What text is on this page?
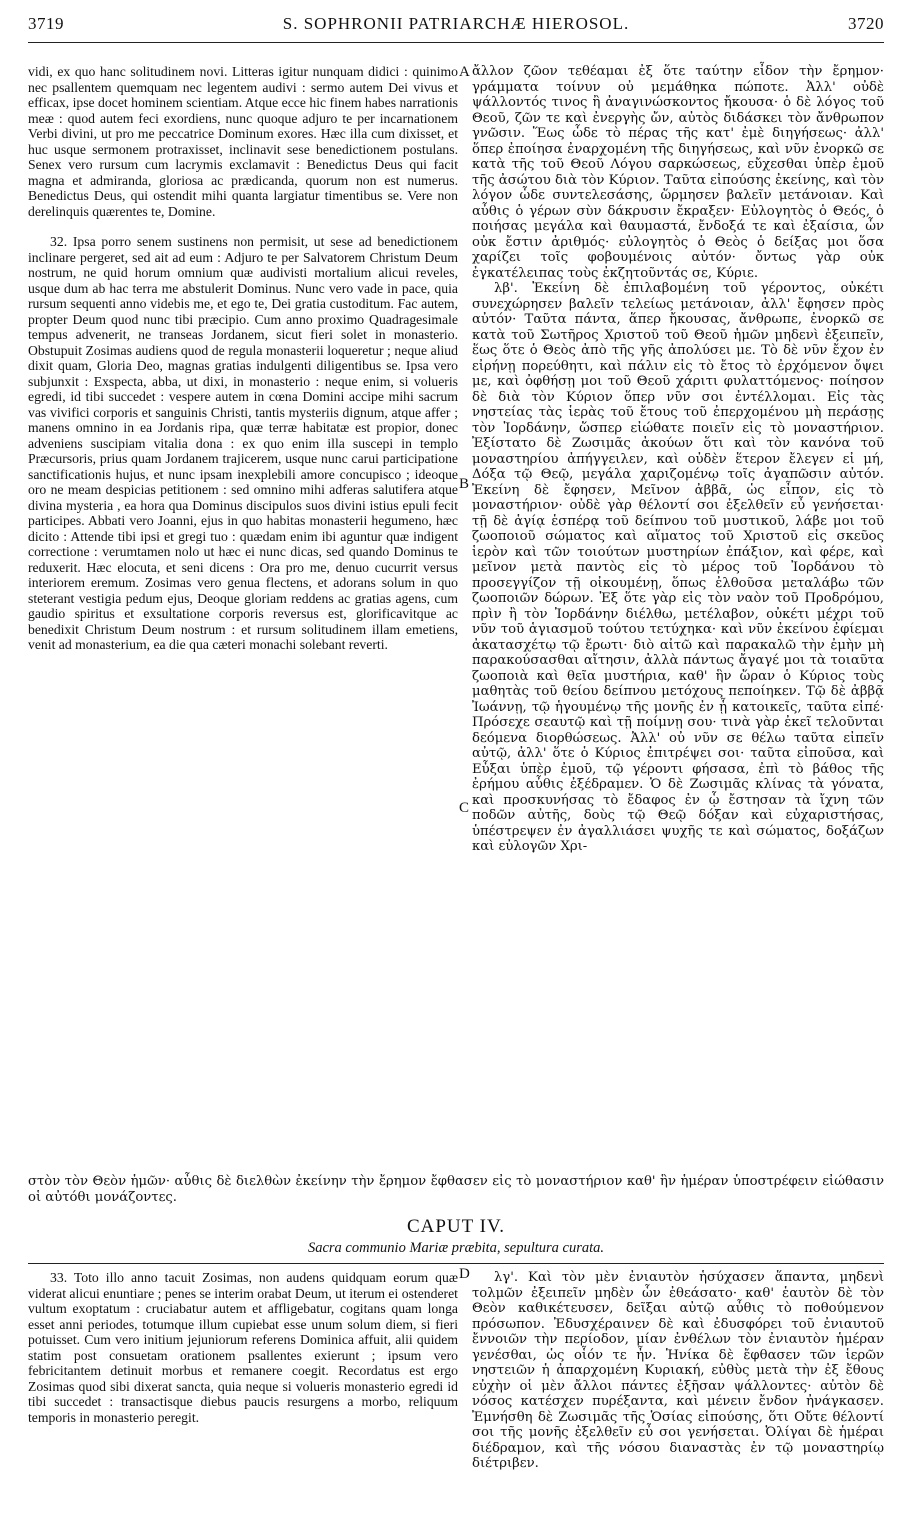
3719	S. SOPHRONII PATRIARCHÆ HIEROSOL.	3720

vidi, ex quo hanc solitudinem novi. Litteras igitur nunquam didici : quinimo nec psallentem quemquam nec legentem audivi : sermo autem Dei vivus et efficax, ipse docet hominem scientiam. Atque ecce hic finem habes narrationis meæ : quod autem feci exordiens, nunc quoque adjuro te per incarnationem Verbi divini, ut pro me peccatrice Dominum exores. Hæc illa cum dixisset, et huc usque sermonem protraxisset, inclinavit sese benedictionem postulans. Senex vero rursum cum lacrymis exclamavit : Benedictus Deus qui facit magna et admiranda, gloriosa ac prædicanda, quorum non est numerus. Benedictus Deus, qui ostendit mihi quanta largiatur timentibus se. Vere non derelinquis quærentes te, Domine.

32. Ipsa porro senem sustinens non permisit, ut sese ad benedictionem inclinare pergeret, sed ait ad eum : Adjuro te per Salvatorem Christum Deum nostrum, ne quid horum omnium quæ audivisti mortalium alicui reveles, usque dum ab hac terra me abstulerit Dominus. Nunc vero vade in pace, quia rursum sequenti anno videbis me, et ego te, Dei gratia custoditum. Fac autem, propter Deum quod nunc tibi præcipio. Cum anno proximo Quadragesimale tempus advenerit, ne transeas Jordanem, sicut fieri solet in monasterio. Obstupuit Zosimas audiens quod de regula monasterii loqueretur ; neque aliud dixit quam, Gloria Deo, magnas gratias indulgenti diligentibus se. Ipsa vero subjunxit : Exspecta, abba, ut dixi, in monasterio : neque enim, si volueris egredi, id tibi succedet : vespere autem in cœna Domini accipe mihi sacrum vas vivifici corporis et sanguinis Christi, tantis mysteriis dignum, atque affer ; manens omnino in ea Jordanis ripa, quæ terræ habitatæ est propior, donec adveniens suscipiam vitalia dona : ex quo enim illa suscepi in templo Præcursoris, prius quam Jordanem trajicerem, usque nunc carui participatione sanctificationis hujus, et nunc ipsam inexplebili amore concupisco ; ideoque oro ne meam despicias petitionem : sed omnino mihi adferas salutifera atque divina mysteria , ea hora qua Dominus discipulos suos divini istius epuli fecit participes. Abbati vero Joanni, ejus in quo habitas monasterii hegumeno, hæc dicito : Attende tibi ipsi et gregi tuo : quædam enim ibi aguntur quæ indigent correctione : verumtamen nolo ut hæc ei nunc dicas, sed quando Dominus te reduxerit. Hæc elocuta, et seni dicens : Ora pro me, denuo cucurrit versus interiorem eremum. Zosimas vero genua flectens, et adorans solum in quo steterant vestigia pedum ejus, Deoque gloriam reddens ac gratias agens, cum gaudio spiritus et exsultatione corporis reversus est, glorificavitque ac benedixit Christum Deum nostrum : et rursum solitudinem illam emetiens, venit ad monasterium, ea die qua cæteri monachi solebant reverti.

ἄλλον ζῶον τεθέαμαι ἐξ ὅτε ταύτην εἶδον τὴν ἔρημον· γράμματα τοίνυν οὐ μεμάθηκα πώποτε. Ἀλλ' οὐδὲ ψάλλοντός τινος ἢ ἀναγινώσκοντος ἤκουσα· ὁ δὲ λόγος τοῦ Θεοῦ, ζῶν τε καὶ ἐνεργὴς ὤν, αὐτὸς διδάσκει τὸν ἄνθρωπον γνῶσιν. Ἕως ὧδε τὸ πέρας τῆς κατ' ἐμὲ διηγήσεως· ἀλλ' ὅπερ ἐποίησα ἐναρχομένη τῆς διηγήσεως, καὶ νῦν ἐνορκῶ σε κατὰ τῆς τοῦ Θεοῦ Λόγου σαρκώσεως, εὔχεσθαι ὑπὲρ ἐμοῦ τῆς ἀσώτου διὰ τὸν Κύριον. Ταῦτα εἰπούσης ἐκείνης, καὶ τὸν λόγον ὧδε συντελεσάσης, ὥρμησεν βαλεῖν μετάνοιαν. Καὶ αὖθις ὁ γέρων σὺν δάκρυσιν ἔκραξεν· Εὐλογητὸς ὁ Θεός, ὁ ποιήσας μεγάλα καὶ θαυμαστά, ἔνδοξά τε καὶ ἐξαίσια, ὧν οὐκ ἔστιν ἀριθμός· εὐλογητὸς ὁ Θεὸς ὁ δείξας μοι ὅσα χαρίζει τοῖς φοβουμένοις αὐτόν· ὄντως γὰρ οὐκ ἐγκατέλειπας τοὺς ἐκζητοῦντάς σε, Κύριε.

λβ'. Ἐκείνη δὲ ἐπιλαβομένη τοῦ γέροντος, οὐκέτι συνεχώρησεν βαλεῖν τελείως μετάνοιαν, ἀλλ' ἔφησεν πρὸς αὐτόν· Ταῦτα πάντα, ἅπερ ἤκουσας, ἄνθρωπε, ἐνορκῶ σε κατὰ τοῦ Σωτῆρος Χριστοῦ τοῦ Θεοῦ ἡμῶν μηδενὶ ἐξειπεῖν, ἕως ὅτε ὁ Θεὸς ἀπὸ τῆς γῆς ἀπολύσει με. Τὸ δὲ νῦν ἔχον ἐν εἰρήνῃ πορεύθητι, καὶ πάλιν εἰς τὸ ἔτος τὸ ἐρχόμενον ὄψει με, καὶ ὀφθήσῃ μοι τοῦ Θεοῦ χάριτι φυλαττόμενος· ποίησον δὲ διὰ τὸν Κύριον ὅπερ νῦν σοι ἐντέλλομαι. Εἰς τὰς νηστείας τὰς ἱερὰς τοῦ ἔτους τοῦ ἐπερχομένου μὴ περάσῃς τὸν Ἰορδάνην, ὥσπερ εἰώθατε ποιεῖν εἰς τὸ μοναστήριον. Ἐξίστατο δὲ Ζωσιμᾶς ἀκούων ὅτι καὶ τὸν κανόνα τοῦ μοναστηρίου ἀπήγγειλεν, καὶ οὐδὲν ἕτερον ἔλεγεν εἰ μή, Δόξα τῷ Θεῷ, μεγάλα χαριζομένῳ τοῖς ἀγαπῶσιν αὐτόν. Ἐκείνη δὲ ἔφησεν, Μεῖνον ἀββᾶ, ὡς εἶπον, εἰς τὸ μοναστήριον· οὐδὲ γὰρ θέλοντί σοι ἐξελθεῖν εὖ γενήσεται· τῇ δὲ ἁγίᾳ ἑσπέρᾳ τοῦ δείπνου τοῦ μυστικοῦ, λάβε μοι τοῦ ζωοποιοῦ σώματος καὶ αἵματος τοῦ Χριστοῦ εἰς σκεῦος ἱερὸν καὶ τῶν τοιούτων μυστηρίων ἐπάξιον, καὶ φέρε, καὶ μεῖνον μετὰ παντὸς εἰς τὸ μέρος τοῦ Ἰορδάνου τὸ προσεγγίζον τῇ οἰκουμένῃ, ὅπως ἐλθοῦσα μεταλάβω τῶν ζωοποιῶν δώρων. Ἐξ ὅτε γὰρ εἰς τὸν ναὸν τοῦ Προδρόμου, πρὶν ἢ τὸν Ἰορδάνην διέλθω, μετέλαβον, οὐκέτι μέχρι τοῦ νῦν τοῦ ἁγιασμοῦ τούτου τετύχηκα· καὶ νῦν ἐκείνου ἐφίεμαι ἀκατασχέτῳ τῷ ἔρωτι· διὸ αἰτῶ καὶ παρακαλῶ τὴν ἐμὴν μὴ παρακούσασθαι αἴτησιν, ἀλλὰ πάντως ἄγαγέ μοι τὰ τοιαῦτα ζωοποιὰ καὶ θεῖα μυστήρια, καθ' ἣν ὥραν ὁ Κύριος τοὺς μαθητὰς τοῦ θείου δείπνου μετόχους πεποίηκεν. Τῷ δὲ ἀββᾷ Ἰωάννῃ, τῷ ἡγουμένῳ τῆς μονῆς ἐν ᾗ κατοικεῖς, ταῦτα εἰπέ· Πρόσεχε σεαυτῷ καὶ τῇ ποίμνῃ σου· τινὰ γὰρ ἐκεῖ τελοῦνται δεόμενα διορθώσεως. Ἀλλ' οὐ νῦν σε θέλω ταῦτα εἰπεῖν αὐτῷ, ἀλλ' ὅτε ὁ Κύριος ἐπιτρέψει σοι· ταῦτα εἰποῦσα, καὶ Εὖξαι ὑπὲρ ἐμοῦ, τῷ γέροντι φήσασα, ἐπὶ τὸ βάθος τῆς ἐρήμου αὖθις ἐξέδραμεν. Ὁ δὲ Ζωσιμᾶς κλίνας τὰ γόνατα, καὶ προσκυνήσας τὸ ἔδαφος ἐν ᾧ ἔστησαν τὰ ἴχνη τῶν ποδῶν αὐτῆς, δοὺς τῷ Θεῷ δόξαν καὶ εὐχαριστήσας, ὑπέστρεψεν ἐν ἀγαλλιάσει ψυχῆς τε καὶ σώματος, δοξάζων καὶ εὐλογῶν Χρι-

A
B
C
D

στὸν τὸν Θεὸν ἡμῶν· αὖθις δὲ διελθὼν ἐκείνην τὴν ἔρημον ἔφθασεν εἰς τὸ μοναστήριον καθ' ἣν ἡμέραν ὑποστρέφειν εἰώθασιν οἱ αὐτόθι μονάζοντες.

CAPUT IV.
Sacra communio Mariæ præbita, sepultura curata.

33. Toto illo anno tacuit Zosimas, non audens quidquam eorum quæ viderat alicui enuntiare ; penes se interim orabat Deum, ut iterum ei ostenderet vultum exoptatum : cruciabatur autem et affligebatur, cogitans quam longa esset anni periodes, totumque illum cupiebat esse unum solum diem, si fieri potuisset. Cum vero initium jejuniorum referens Dominica affuit, alii quidem statim post consuetam orationem psallentes exierunt ; ipsum vero febricitantem detinuit morbus et remanere coegit. Recordatus est ergo Zosimas quod sibi dixerat sancta, quia neque si volueris monasterio egredi id tibi succedet : transactisque diebus paucis resurgens a morbo, reliquum temporis in monasterio peregit.

λγ'. Καὶ τὸν μὲν ἐνιαυτὸν ἡσύχασεν ἅπαντα, μηδενὶ τολμῶν ἐξειπεῖν μηδὲν ὧν ἐθεάσατο· καθ' ἑαυτὸν δὲ τὸν Θεὸν καθικέτευσεν, δεῖξαι αὐτῷ αὖθις τὸ ποθούμενον πρόσωπον. Ἐδυσχέραινεν δὲ καὶ ἐδυσφόρει τοῦ ἐνιαυτοῦ ἔννοιῶν τὴν περίοδον, μίαν ἐνθέλων τὸν ἐνιαυτὸν ἡμέραν γενέσθαι, ὡς οἷόν τε ἦν. Ἡνίκα δὲ ἔφθασεν τῶν ἱερῶν νηστειῶν ἡ ἀπαρχομένη Κυριακή, εὐθὺς μετὰ τὴν ἐξ ἔθους εὐχὴν οἱ μὲν ἄλλοι πάντες ἐξῆσαν ψάλλοντες· αὐτὸν δὲ νόσος κατέσχεν πυρέξαντα, καὶ μένειν ἔνδον ἠνάγκασεν. Ἐμνήσθη δὲ Ζωσιμᾶς τῆς Ὁσίας εἰπούσης, ὅτι Οὔτε θέλοντί σοι τῆς μονῆς ἐξελθεῖν εὖ σοι γενήσεται. Ὀλίγαι δὲ ἡμέραι διέδραμον, καὶ τῆς νόσου διαναστὰς ἐν τῷ μοναστηρίῳ διέτριβεν.
